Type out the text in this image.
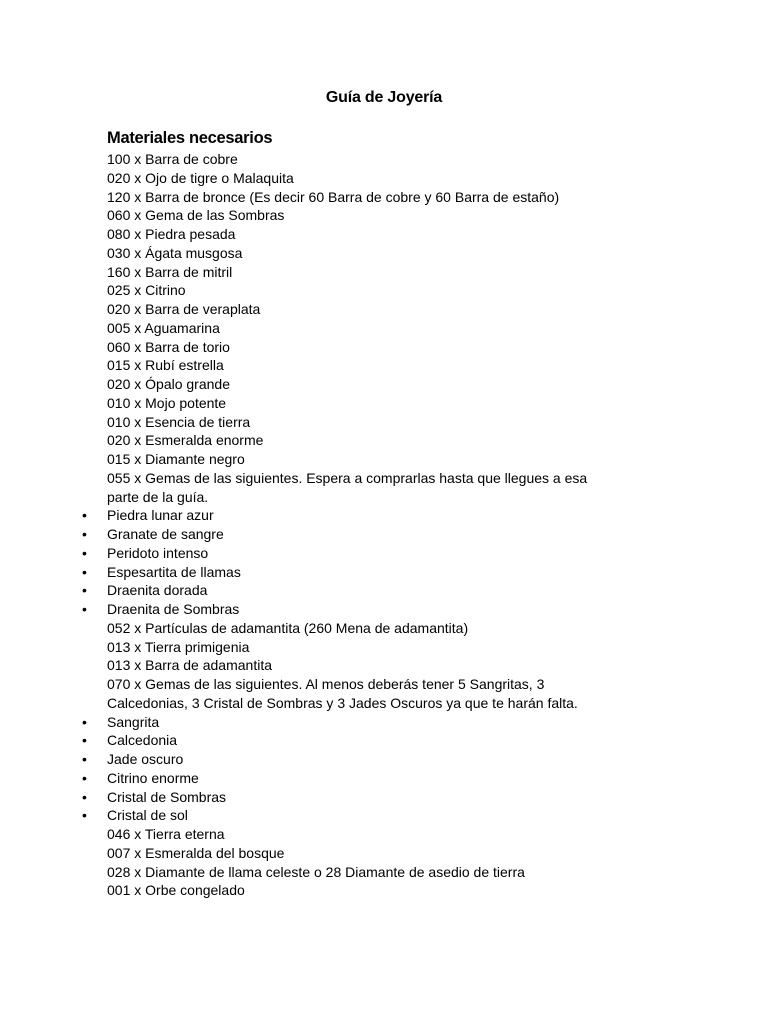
Guía de Joyería
Materiales necesarios
100 x Barra de cobre
020 x Ojo de tigre o Malaquita
120 x Barra de bronce (Es decir 60 Barra de cobre y 60 Barra de estaño)
060 x Gema de las Sombras
080 x Piedra pesada
030 x Ágata musgosa
160 x Barra de mitril
025 x Citrino
020 x Barra de veraplata
005 x Aguamarina
060 x Barra de torio
015 x Rubí estrella
020 x Ópalo grande
010 x Mojo potente
010 x Esencia de tierra
020 x Esmeralda enorme
015 x Diamante negro
055 x Gemas de las siguientes. Espera a comprarlas hasta que llegues a esa
parte de la guía.
• Piedra lunar azur
• Granate de sangre
• Peridoto intenso
• Espesartita de llamas
• Draenita dorada
• Draenita de Sombras
052 x Partículas de adamantita (260 Mena de adamantita)
013 x Tierra primigenia
013 x Barra de adamantita
070 x Gemas de las siguientes. Al menos deberás tener 5 Sangritas, 3
Calcedonias, 3 Cristal de Sombras y 3 Jades Oscuros ya que te harán falta.
• Sangrita
• Calcedonia
• Jade oscuro
• Citrino enorme
• Cristal de Sombras
• Cristal de sol
046 x Tierra eterna
007 x Esmeralda del bosque
028 x Diamante de llama celeste o 28 Diamante de asedio de tierra
001 x Orbe congelado
